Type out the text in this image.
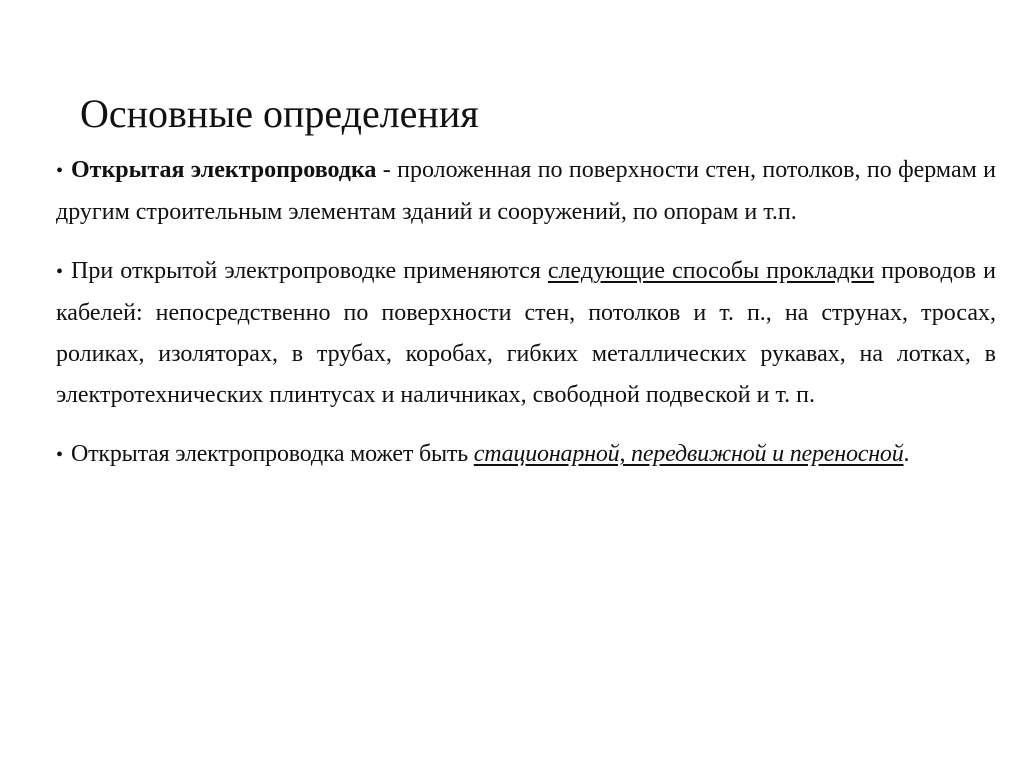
Основные определения

• Открытая электропроводка - проложенная по поверхности стен, потолков, по фермам и другим строительным элементам зданий и сооружений, по опорам и т.п.

• При открытой электропроводке применяются следующие способы прокладки проводов и кабелей: непосредственно по поверхности стен, потолков и т. п., на струнах, тросах, роликах, изоляторах, в трубах, коробах, гибких металлических рукавах, на лотках, в электротехнических плинтусах и наличниках, свободной подвеской и т. п.

• Открытая электропроводка может быть стационарной, передвижной и переносной.
